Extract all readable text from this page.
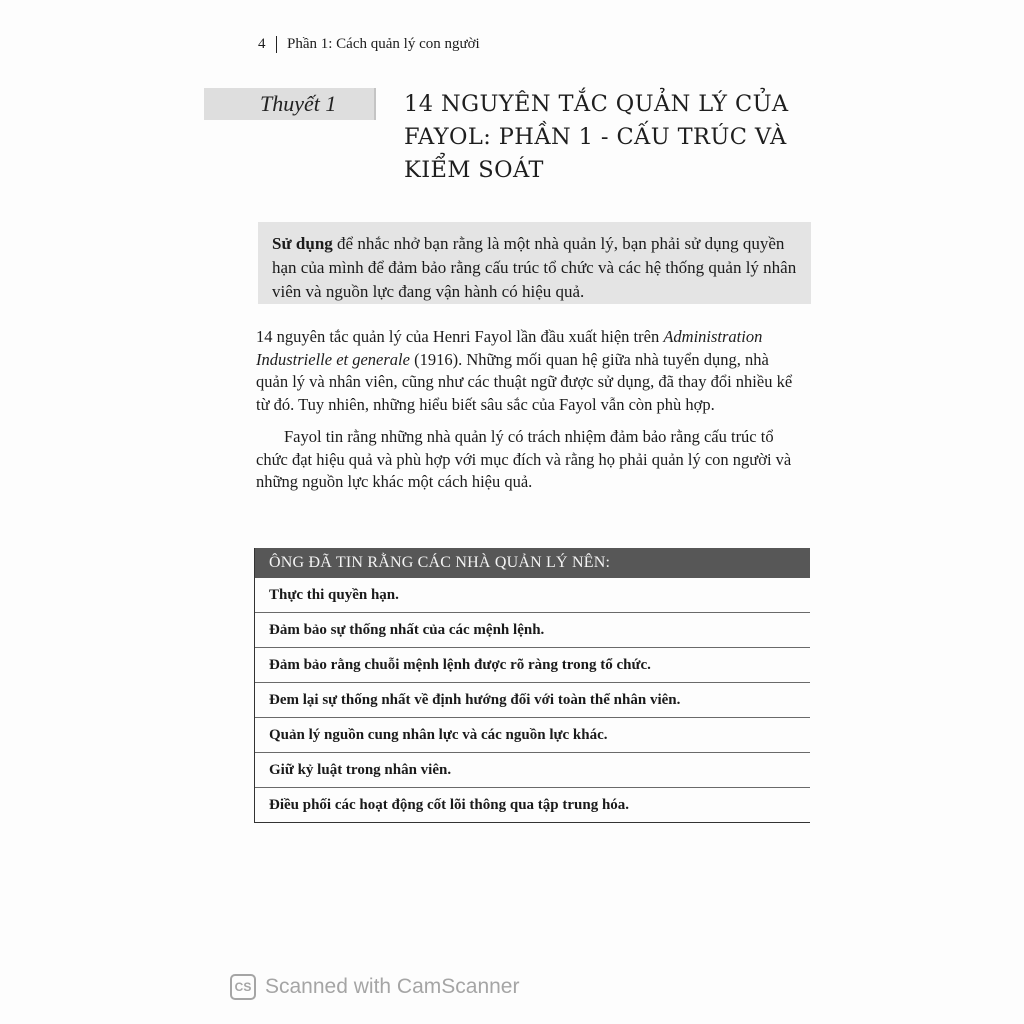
4 Phần 1: Cách quản lý con người
Thuyết 1	14 NGUYÊN TẮC QUẢN LÝ CỦA FAYOL: PHẦN 1 - CẤU TRÚC VÀ KIỂM SOÁT
Sử dụng để nhắc nhở bạn rằng là một nhà quản lý, bạn phải sử dụng quyền hạn của mình để đảm bảo rằng cấu trúc tổ chức và các hệ thống quản lý nhân viên và nguồn lực đang vận hành có hiệu quả.

14 nguyên tắc quản lý của Henri Fayol lần đầu xuất hiện trên Administration Industrielle et generale (1916). Những mối quan hệ giữa nhà tuyển dụng, nhà quản lý và nhân viên, cũng như các thuật ngữ được sử dụng, đã thay đổi nhiều kể từ đó. Tuy nhiên, những hiểu biết sâu sắc của Fayol vẫn còn phù hợp.

Fayol tin rằng những nhà quản lý có trách nhiệm đảm bảo rằng cấu trúc tổ chức đạt hiệu quả và phù hợp với mục đích và rằng họ phải quản lý con người và những nguồn lực khác một cách hiệu quả.

ÔNG ĐÃ TIN RẰNG CÁC NHÀ QUẢN LÝ NÊN:
Thực thi quyền hạn.
Đảm bảo sự thống nhất của các mệnh lệnh.
Đảm bảo rằng chuỗi mệnh lệnh được rõ ràng trong tổ chức.
Đem lại sự thống nhất về định hướng đối với toàn thể nhân viên.
Quản lý nguồn cung nhân lực và các nguồn lực khác.
Giữ kỷ luật trong nhân viên.
Điều phối các hoạt động cốt lõi thông qua tập trung hóa.
CS Scanned with CamScanner
